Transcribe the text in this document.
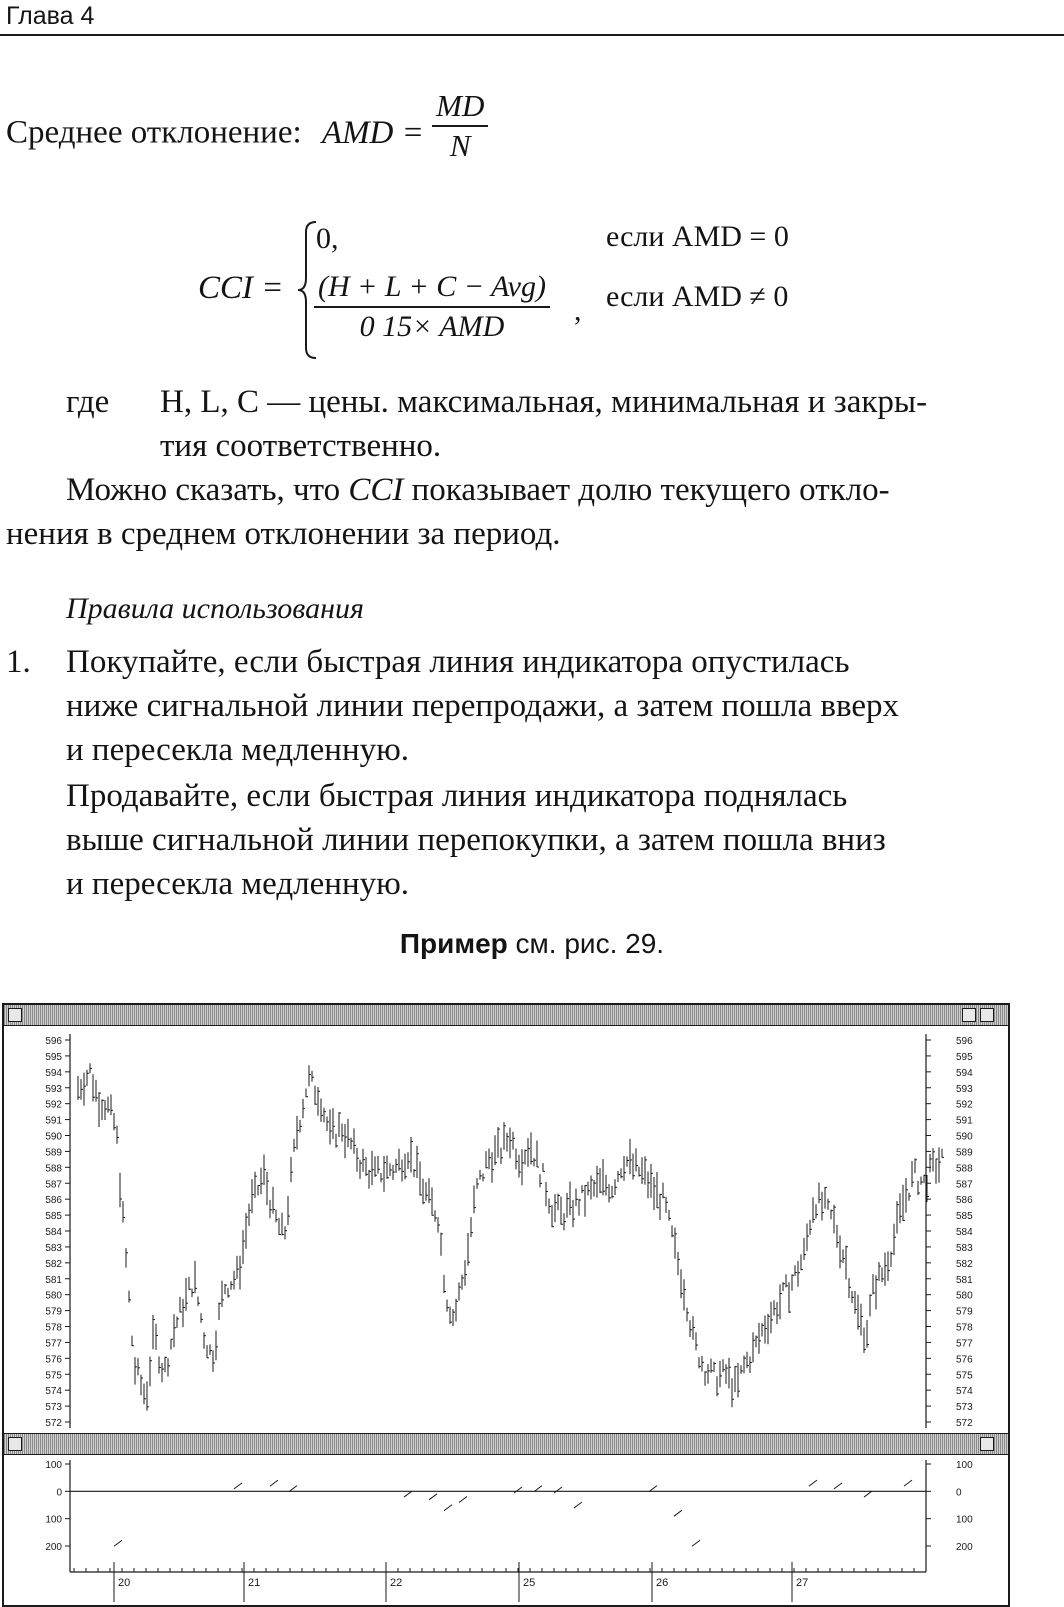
Глава 4
Среднее отклонение: AMD = $\frac{MD}{N}$
CCI =
0,	если AMD = 0
(H + L + C − Avg)
0 15× AMD	, если AMD ≠ 0
где H, L, C — цены. максимальная, минимальная и закры-
тия соответственно.
Можно сказать, что CCI показывает долю текущего откло-
нения в среднем отклонении за период.
Правила использования
1. Покупайте, если быстрая линия индикатора опустилась
ниже сигнальной линии перепродажи, а затем пошла вверх
и пересекла медленную.
Продавайте, если быстрая линия индикатора поднялась
выше сигнальной линии перепокупки, а затем пошла вниз
и пересекла медленную.
Пример см. рис. 29.
596	596
595	595
594	594
593	593
592	592
591	591
590	590
589	589
588	588
587	587
586	586
585	585
584	584
583	583
582	582
581	581
580	580
579	579
578	578
577	577
576	576
575	575
574	574
573	573
572	572
100	100
0	0
100	100
200	200
20	21	22	25	26	27
